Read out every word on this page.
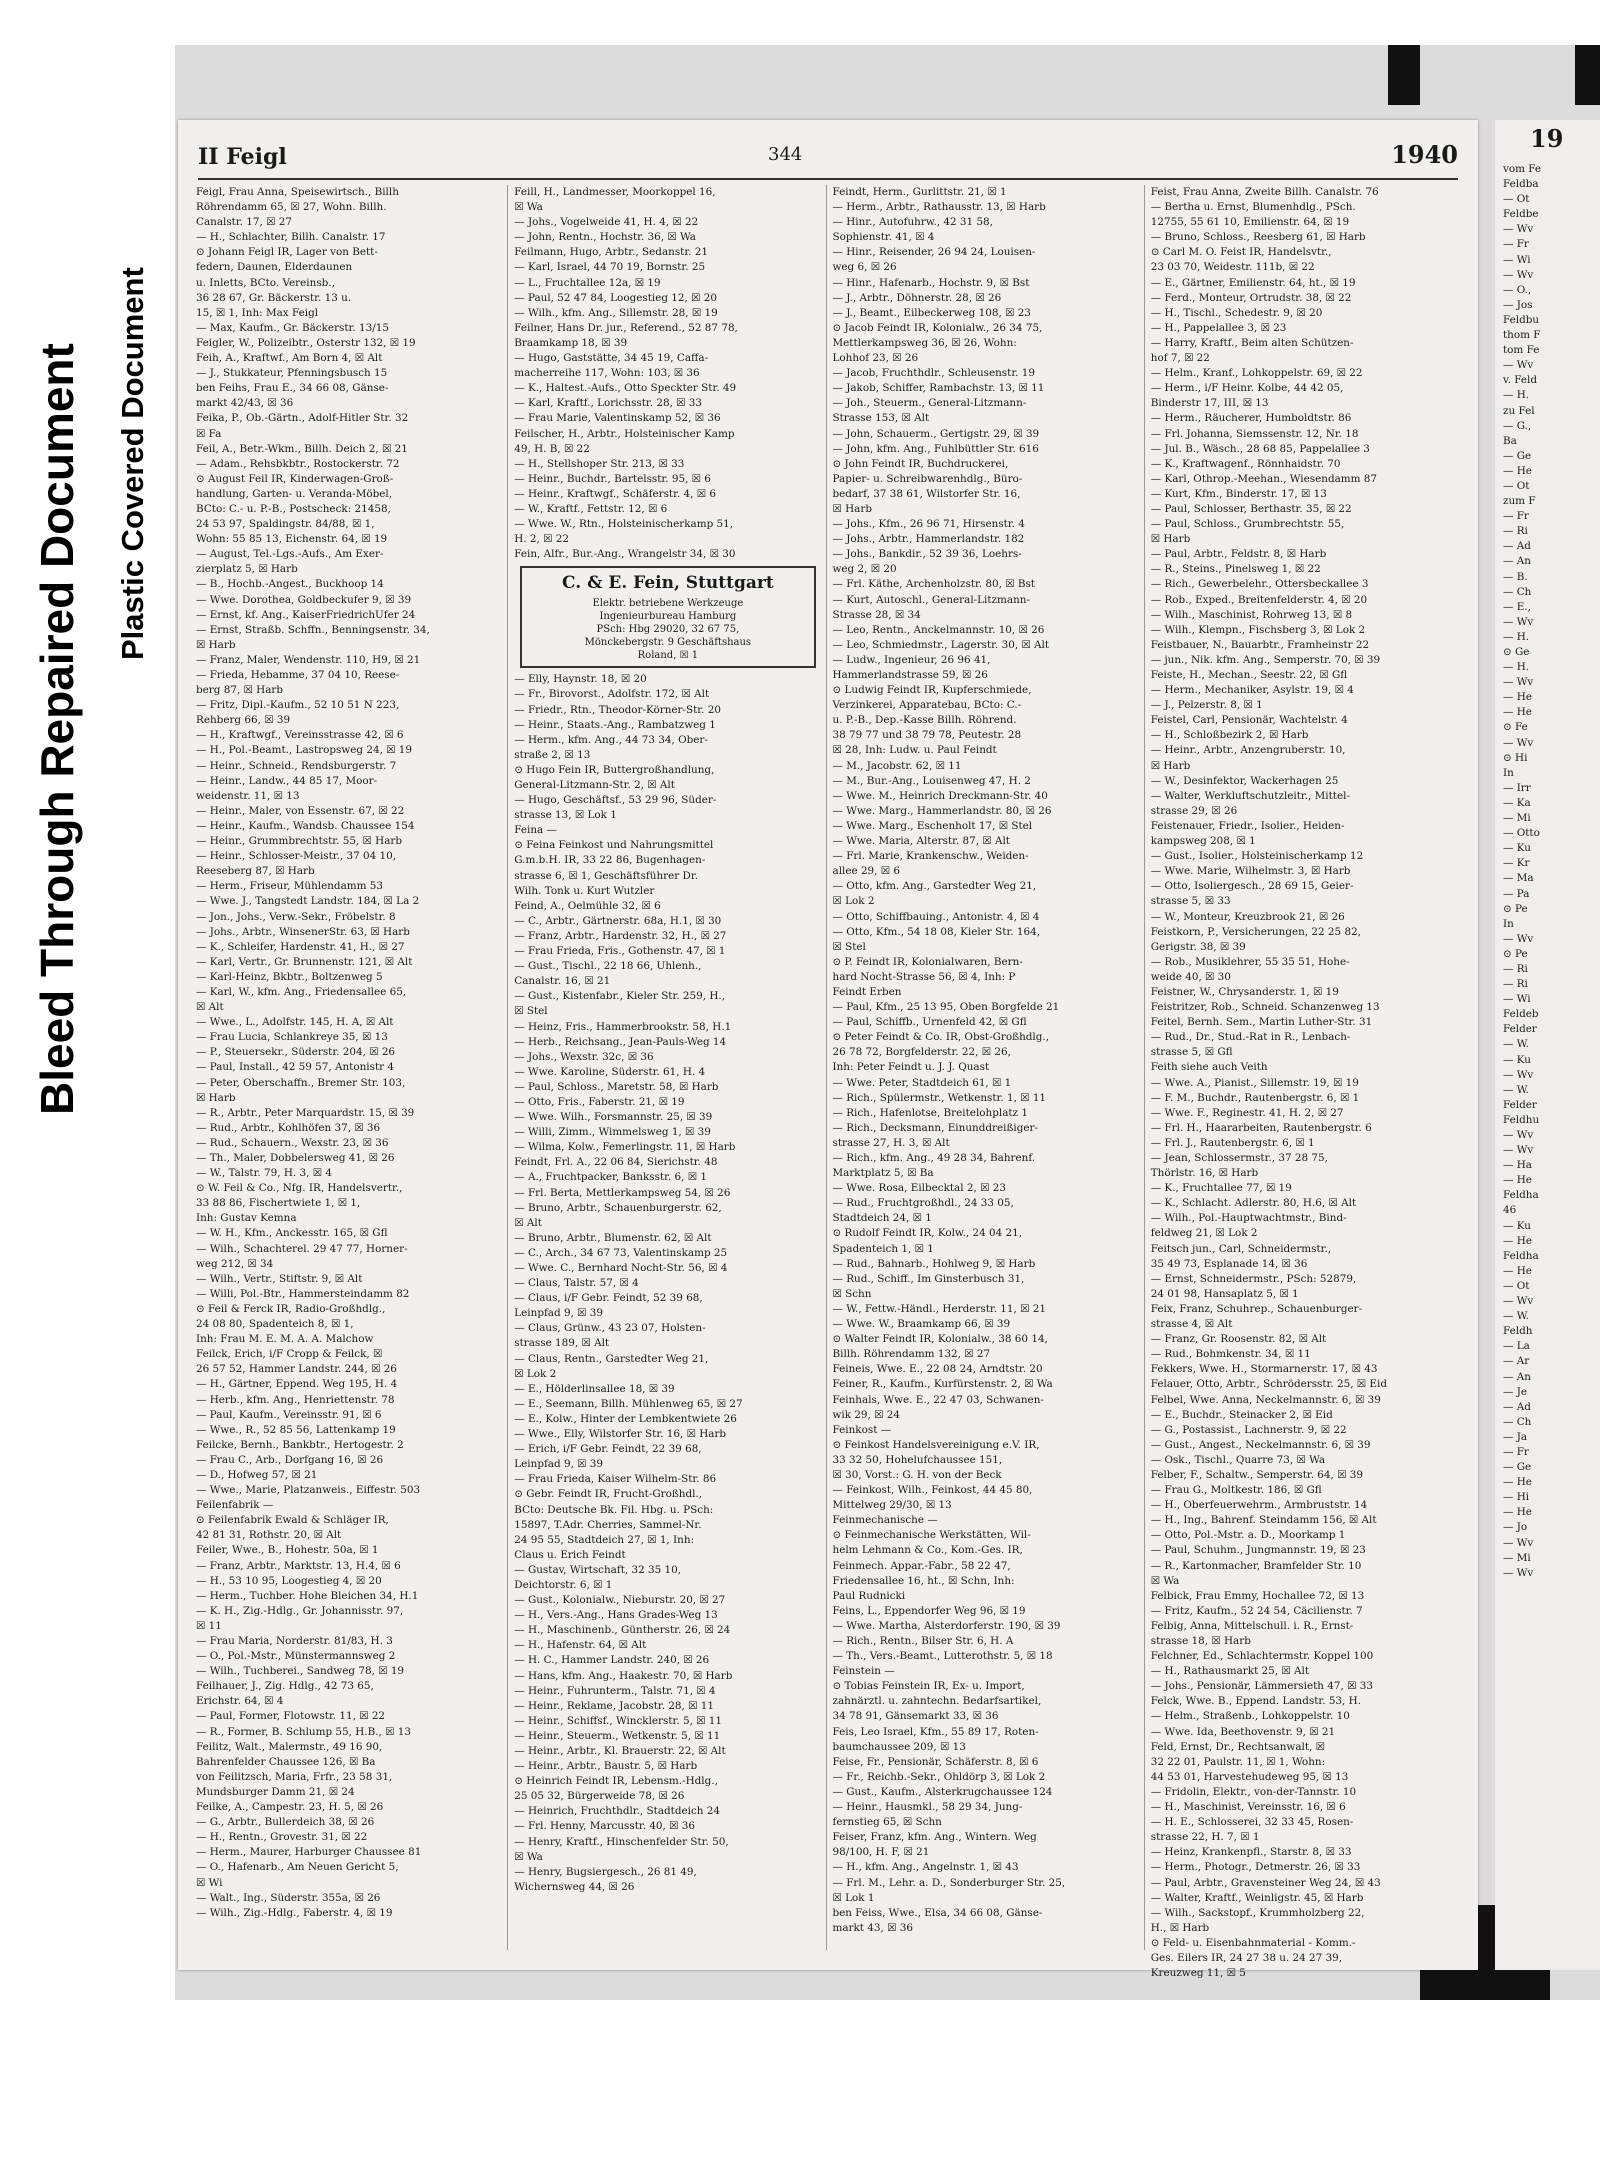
Bleed Through Repaired Document Plastic Covered Document
II Feigl	344	1940
Feigl, Frau Anna, Speisewirtsch., Billh
Röhrendamm 65, ☒ 27, Wohn. Billh.
Canalstr. 17, ☒ 27
— H., Schlachter, Billh. Canalstr. 17
⊙ Johann Feigl IR, Lager von Bett-
federn, Daunen, Elderdaunen
u. Inletts, BCto. Vereinsb.,
36 28 67, Gr. Bäckerstr. 13 u.
15, ☒ 1, Inh: Max Feigl
— Max, Kaufm., Gr. Bäckerstr. 13/15
Feigler, W., Polizeibtr., Osterstr 132, ☒ 19
Feih, A., Kraftwf., Am Born 4, ☒ Alt
— J., Stukkateur, Pfenningsbusch 15
ben Feihs, Frau E., 34 66 08, Gänse-
markt 42/43, ☒ 36
Feika, P., Ob.-Gärtn., Adolf-Hitler Str. 32
☒ Fa
Feil, A., Betr.-Wkm., Billh. Deich 2, ☒ 21
— Adam., Rehsbkbtr., Rostockerstr. 72
⊙ August Feil IR, Kinderwagen-Groß-
handlung, Garten- u. Veranda-Möbel,
BCto: C.- u. P.-B., Postscheck: 21458,
24 53 97, Spaldingstr. 84/88, ☒ 1,
Wohn: 55 85 13, Eichenstr. 64, ☒ 19
— August, Tel.-Lgs.-Aufs., Am Exer-
zierplatz 5, ☒ Harb
— B., Hochb.-Angest., Buckhoop 14
— Wwe. Dorothea, Goldbeckufer 9, ☒ 39
— Ernst, kf. Ang., KaiserFriedrichUfer 24
— Ernst, Straßb. Schffn., Benningsenstr. 34,
☒ Harb
— Franz, Maler, Wendenstr. 110, H9, ☒ 21
— Frieda, Hebamme, 37 04 10, Reese-
berg 87, ☒ Harb
— Fritz, Dipl.-Kaufm., 52 10 51 N 223,
Rehberg 66, ☒ 39
— H., Kraftwgf., Vereinsstrasse 42, ☒ 6
— H., Pol.-Beamt., Lastropsweg 24, ☒ 19
— Heinr., Schneid., Rendsburgerstr. 7
— Heinr., Landw., 44 85 17, Moor-
weidenstr. 11, ☒ 13
— Heinr., Maler, von Essenstr. 67, ☒ 22
— Heinr., Kaufm., Wandsb. Chaussee 154
— Heinr., Grummbrechtstr. 55, ☒ Harb
— Heinr., Schlosser-Meistr., 37 04 10,
Reeseberg 87, ☒ Harb
— Herm., Friseur, Mühlendamm 53
— Wwe. J., Tangstedt Landstr. 184, ☒ La 2
— Jon., Johs., Verw.-Sekr., Fröbelstr. 8
— Johs., Arbtr., WinsenerStr. 63, ☒ Harb
— K., Schleifer, Hardenstr. 41, H., ☒ 27
— Karl, Vertr., Gr. Brunnenstr. 121, ☒ Alt
— Karl-Heinz, Bkbtr., Boltzenweg 5
— Karl, W., kfm. Ang., Friedensallee 65,
☒ Alt
— Wwe., L., Adolfstr. 145, H. A, ☒ Alt
— Frau Lucia, Schlankreye 35, ☒ 13
— P., Steuersekr., Süderstr. 204, ☒ 26
— Paul, Install., 42 59 57, Antonistr 4
— Peter, Oberschaffn., Bremer Str. 103,
☒ Harb
— R., Arbtr., Peter Marquardstr. 15, ☒ 39
— Rud., Arbtr., Kohlhöfen 37, ☒ 36
— Rud., Schauern., Wexstr. 23, ☒ 36
— Th., Maler, Dobbelersweg 41, ☒ 26
— W., Talstr. 79, H. 3, ☒ 4
⊙ W. Feil & Co., Nfg. IR, Handelsvertr.,
33 88 86, Fischertwiete 1, ☒ 1,
Inh: Gustav Kemna
— W. H., Kfm., Anckesstr. 165, ☒ Gfl
— Wilh., Schachterel. 29 47 77, Horner-
weg 212, ☒ 34
— Wilh., Vertr., Stiftstr. 9, ☒ Alt
— Willi, Pol.-Btr., Hammersteindamm 82
⊙ Feil & Ferck IR, Radio-Großhdlg.,
24 08 80, Spadenteich 8, ☒ 1,
Inh: Frau M. E. M. A. A. Malchow
Feilck, Erich, i/F Cropp & Feilck, ☒
26 57 52, Hammer Landstr. 244, ☒ 26
— H., Gärtner, Eppend. Weg 195, H. 4
— Herb., kfm. Ang., Henriettenstr. 78
— Paul, Kaufm., Vereinsstr. 91, ☒ 6
— Wwe., R., 52 85 56, Lattenkamp 19
Feilcke, Bernh., Bankbtr., Hertogestr. 2
— Frau C., Arb., Dorfgang 16, ☒ 26
— D., Hofweg 57, ☒ 21
— Wwe., Marie, Platzanweis., Eiffestr. 503
Feilenfabrik —
⊙ Feilenfabrik Ewald & Schläger IR,
42 81 31, Rothstr. 20, ☒ Alt
Feiler, Wwe., B., Hohestr. 50a, ☒ 1
— Franz, Arbtr., Marktstr. 13, H.4, ☒ 6
— H., 53 10 95, Loogestieg 4, ☒ 20
— Herm., Tuchber. Hohe Bleichen 34, H.1
— K. H., Zig.-Hdlg., Gr. Johannisstr. 97,
☒ 11
— Frau Maria, Norderstr. 81/83, H. 3
— O., Pol.-Mstr., Münstermannsweg 2
— Wilh., Tuchberei., Sandweg 78, ☒ 19
Feilhauer, J., Zig. Hdlg., 42 73 65,
Erichstr. 64, ☒ 4
— Paul, Former, Flotowstr. 11, ☒ 22
— R., Former, B. Schlump 55, H.B., ☒ 13
Feilitz, Walt., Malermstr., 49 16 90,
Bahrenfelder Chaussee 126, ☒ Ba
von Feilitzsch, Maria, Frfr., 23 58 31,
Mundsburger Damm 21, ☒ 24
Feilke, A., Campestr. 23, H. 5, ☒ 26
— G., Arbtr., Bullerdeich 38, ☒ 26
— H., Rentn., Grovestr. 31, ☒ 22
— Herm., Maurer, Harburger Chaussee 81
— O., Hafenarb., Am Neuen Gericht 5,
☒ Wi
— Walt., Ing., Süderstr. 355a, ☒ 26
— Wilh., Zig.-Hdlg., Faberstr. 4, ☒ 19
Feill, H., Landmesser, Moorkoppel 16,
☒ Wa
— Johs., Vogelweide 41, H. 4, ☒ 22
— John, Rentn., Hochstr. 36, ☒ Wa
Feilmann, Hugo, Arbtr., Sedanstr. 21
— Karl, Israel, 44 70 19, Bornstr. 25
— L., Fruchtallee 12a, ☒ 19
— Paul, 52 47 84, Loogestieg 12, ☒ 20
— Wilh., kfm. Ang., Sillemstr. 28, ☒ 19
Feilner, Hans Dr. jur., Referend., 52 87 78,
Braamkamp 18, ☒ 39
— Hugo, Gaststätte, 34 45 19, Caffa-
macherreihe 117, Wohn: 103, ☒ 36
— K., Haltest.-Aufs., Otto Speckter Str. 49
— Karl, Kraftf., Lorichsstr. 28, ☒ 33
— Frau Marie, Valentinskamp 52, ☒ 36
Feilscher, H., Arbtr., Holsteinischer Kamp
49, H. B, ☒ 22
— H., Stellshoper Str. 213, ☒ 33
— Heinr., Buchdr., Bartelsstr. 95, ☒ 6
— Heinr., Kraftwgf., Schäferstr. 4, ☒ 6
— W., Kraftf., Fettstr. 12, ☒ 6
— Wwe. W., Rtn., Holsteinischerkamp 51,
H. 2, ☒ 22
Fein, Alfr., Bur.-Ang., Wrangelstr 34, ☒ 30
C. & E. Fein, Stuttgart
Elektr. betriebene Werkzeuge
Ingenieurbureau Hamburg
PSch: Hbg 29020, 32 67 75,
Mönckebergstr. 9 Geschäftshaus
Roland, ☒ 1
— Elly, Haynstr. 18, ☒ 20
— Fr., Birovorst., Adolfstr. 172, ☒ Alt
— Friedr., Rtn., Theodor-Körner-Str. 20
— Heinr., Staats.-Ang., Rambatzweg 1
— Herm., kfm. Ang., 44 73 34, Ober-
straße 2, ☒ 13
⊙ Hugo Fein IR, Buttergroßhandlung,
General-Litzmann-Str. 2, ☒ Alt
— Hugo, Geschäftsf., 53 29 96, Süder-
strasse 13, ☒ Lok 1
Feina —
⊙ Feina Feinkost und Nahrungsmittel
G.m.b.H. IR, 33 22 86, Bugenhagen-
strasse 6, ☒ 1, Geschäftsführer Dr.
Wilh. Tonk u. Kurt Wutzler
Feind, A., Oelmühle 32, ☒ 6
— C., Arbtr., Gärtnerstr. 68a, H.1, ☒ 30
— Franz, Arbtr., Hardenstr. 32, H., ☒ 27
— Frau Frieda, Fris., Gothenstr. 47, ☒ 1
— Gust., Tischl., 22 18 66, Uhlenh.,
Canalstr. 16, ☒ 21
— Gust., Kistenfabr., Kieler Str. 259, H.,
☒ Stel
— Heinz, Fris., Hammerbrookstr. 58, H.1
— Herb., Reichsang., Jean-Pauls-Weg 14
— Johs., Wexstr. 32c, ☒ 36
— Wwe. Karoline, Süderstr. 61, H. 4
— Paul, Schloss., Maretstr. 58, ☒ Harb
— Otto, Fris., Faberstr. 21, ☒ 19
— Wwe. Wilh., Forsmannstr. 25, ☒ 39
— Willi, Zimm., Wimmelsweg 1, ☒ 39
— Wilma, Kolw., Femerlingstr. 11, ☒ Harb
Feindt, Frl. A., 22 06 84, Sierichstr. 48
— A., Fruchtpacker, Banksstr. 6, ☒ 1
— Frl. Berta, Mettlerkampsweg 54, ☒ 26
— Bruno, Arbtr., Schauenburgerstr. 62,
☒ Alt
— Bruno, Arbtr., Blumenstr. 62, ☒ Alt
— C., Arch., 34 67 73, Valentinskamp 25
— Wwe. C., Bernhard Nocht-Str. 56, ☒ 4
— Claus, Talstr. 57, ☒ 4
— Claus, i/F Gebr. Feindt, 52 39 68,
Leinpfad 9, ☒ 39
— Claus, Grünw., 43 23 07, Holsten-
strasse 189, ☒ Alt
— Claus, Rentn., Garstedter Weg 21,
☒ Lok 2
— E., Hölderlinsallee 18, ☒ 39
— E., Seemann, Billh. Mühlenweg 65, ☒ 27
— E., Kolw., Hinter der Lembkentwiete 26
— Wwe., Elly, Wilstorfer Str. 16, ☒ Harb
— Erich, i/F Gebr. Feindt, 22 39 68,
Leinpfad 9, ☒ 39
— Frau Frieda, Kaiser Wilhelm-Str. 86
⊙ Gebr. Feindt IR, Frucht-Großhdl.,
BCto: Deutsche Bk. Fil. Hbg. u. PSch:
15897, T.Adr. Cherries, Sammel-Nr.
24 95 55, Stadtdeich 27, ☒ 1, Inh:
Claus u. Erich Feindt
— Gustav, Wirtschaft, 32 35 10,
Deichtorstr. 6, ☒ 1
— Gust., Kolonialw., Nieburstr. 20, ☒ 27
— H., Vers.-Ang., Hans Grades-Weg 13
— H., Maschinenb., Güntherstr. 26, ☒ 24
— H., Hafenstr. 64, ☒ Alt
— H. C., Hammer Landstr. 240, ☒ 26
— Hans, kfm. Ang., Haakestr. 70, ☒ Harb
— Heinr., Fuhrunterm., Talstr. 71, ☒ 4
— Heinr., Reklame, Jacobstr. 28, ☒ 11
— Heinr., Schiffsf., Wincklerstr. 5, ☒ 11
— Heinr., Steuerm., Wetkenstr. 5, ☒ 11
— Heinr., Arbtr., Kl. Brauerstr. 22, ☒ Alt
— Heinr., Arbtr., Baustr. 5, ☒ Harb
⊙ Heinrich Feindt IR, Lebensm.-Hdlg.,
25 05 32, Bürgerweide 78, ☒ 26
— Heinrich, Fruchthdlr., Stadtdeich 24
— Frl. Henny, Marcusstr. 40, ☒ 36
— Henry, Kraftf., Hinschenfelder Str. 50,
☒ Wa
— Henry, Bugsiergesch., 26 81 49,
Wichernsweg 44, ☒ 26
Feindt, Herm., Gurlittstr. 21, ☒ 1
— Herm., Arbtr., Rathausstr. 13, ☒ Harb
— Hinr., Autofuhrw., 42 31 58,
Sophienstr. 41, ☒ 4
— Hinr., Reisender, 26 94 24, Louisen-
weg 6, ☒ 26
— Hinr., Hafenarb., Hochstr. 9, ☒ Bst
— J., Arbtr., Döhnerstr. 28, ☒ 26
— J., Beamt., Eilbeckerweg 108, ☒ 23
⊙ Jacob Feindt IR, Kolonialw., 26 34 75,
Mettlerkampsweg 36, ☒ 26, Wohn:
Lohhof 23, ☒ 26
— Jacob, Fruchthdlr., Schleusenstr. 19
— Jakob, Schiffer, Rambachstr. 13, ☒ 11
— Joh., Steuerm., General-Litzmann-
Strasse 153, ☒ Alt
— John, Schauerm., Gertigstr. 29, ☒ 39
— John, kfm. Ang., Fuhlbüttler Str. 616
⊙ John Feindt IR, Buchdruckerei,
Papier- u. Schreibwarenhdlg., Büro-
bedarf, 37 38 61, Wilstorfer Str. 16,
☒ Harb
— Johs., Kfm., 26 96 71, Hirsenstr. 4
— Johs., Arbtr., Hammerlandstr. 182
— Johs., Bankdir., 52 39 36, Loehrs-
weg 2, ☒ 20
— Frl. Käthe, Archenholzstr. 80, ☒ Bst
— Kurt, Autoschl., General-Litzmann-
Strasse 28, ☒ 34
— Leo, Rentn., Anckelmannstr. 10, ☒ 26
— Leo, Schmiedmstr., Lagerstr. 30, ☒ Alt
— Ludw., Ingenieur, 26 96 41,
Hammerlandstrasse 59, ☒ 26
⊙ Ludwig Feindt IR, Kupferschmiede,
Verzinkerei, Apparatebau, BCto: C.-
u. P.-B., Dep.-Kasse Billh. Röhrend.
38 79 77 und 38 79 78, Peutestr. 28
☒ 28, Inh: Ludw. u. Paul Feindt
— M., Jacobstr. 62, ☒ 11
— M., Bur.-Ang., Louisenweg 47, H. 2
— Wwe. M., Heinrich Dreckmann-Str. 40
— Wwe. Marg., Hammerlandstr. 80, ☒ 26
— Wwe. Marg., Eschenholt 17, ☒ Stel
— Wwe. Maria, Alterstr. 87, ☒ Alt
— Frl. Marie, Krankenschw., Weiden-
allee 29, ☒ 6
— Otto, kfm. Ang., Garstedter Weg 21,
☒ Lok 2
— Otto, Schiffbauing., Antonistr. 4, ☒ 4
— Otto, Kfm., 54 18 08, Kieler Str. 164,
☒ Stel
⊙ P. Feindt IR, Kolonialwaren, Bern-
hard Nocht-Strasse 56, ☒ 4, Inh: P
Feindt Erben
— Paul, Kfm., 25 13 95, Oben Borgfelde 21
— Paul, Schiffb., Urnenfeld 42, ☒ Gfl
⊙ Peter Feindt & Co. IR, Obst-Großhdlg.,
26 78 72, Borgfelderstr. 22, ☒ 26,
Inh: Peter Feindt u. J. J. Quast
— Wwe. Peter, Stadtdeich 61, ☒ 1
— Rich., Spülermstr., Wetkenstr. 1, ☒ 11
— Rich., Hafenlotse, Breitelohplatz 1
— Rich., Decksmann, Einunddreißiger-
strasse 27, H. 3, ☒ Alt
— Rich., kfm. Ang., 49 28 34, Bahrenf.
Marktplatz 5, ☒ Ba
— Wwe. Rosa, Eilbecktal 2, ☒ 23
— Rud., Fruchtgroßhdl., 24 33 05,
Stadtdeich 24, ☒ 1
⊙ Rudolf Feindt IR, Kolw., 24 04 21,
Spadenteich 1, ☒ 1
— Rud., Bahnarb., Hohlweg 9, ☒ Harb
— Rud., Schiff., Im Ginsterbusch 31,
☒ Schn
— W., Fettw.-Händl., Herderstr. 11, ☒ 21
— Wwe. W., Braamkamp 66, ☒ 39
⊙ Walter Feindt IR, Kolonialw., 38 60 14,
Billh. Röhrendamm 132, ☒ 27
Feineis, Wwe. E., 22 08 24, Arndtstr. 20
Feiner, R., Kaufm., Kurfürstenstr. 2, ☒ Wa
Feinhals, Wwe. E., 22 47 03, Schwanen-
wik 29, ☒ 24
Feinkost —
⊙ Feinkost Handelsvereinigung e.V. IR,
33 32 50, Hohelufchaussee 151,
☒ 30, Vorst.: G. H. von der Beck
— Feinkost, Wilh., Feinkost, 44 45 80,
Mittelweg 29/30, ☒ 13
Feinmechanische —
⊙ Feinmechanische Werkstätten, Wil-
helm Lehmann & Co., Kom.-Ges. IR,
Feinmech. Appar.-Fabr., 58 22 47,
Friedensallee 16, ht., ☒ Schn, Inh:
Paul Rudnicki
Feins, L., Eppendorfer Weg 96, ☒ 19
— Wwe. Martha, Alsterdorferstr. 190, ☒ 39
— Rich., Rentn., Bilser Str. 6, H. A
— Th., Vers.-Beamt., Lutterothstr. 5, ☒ 18
Feinstein —
⊙ Tobias Feinstein IR, Ex- u. Import,
zahnärztl. u. zahntechn. Bedarfsartikel,
34 78 91, Gänsemarkt 33, ☒ 36
Feis, Leo Israel, Kfm., 55 89 17, Roten-
baumchaussee 209, ☒ 13
Feise, Fr., Pensionär, Schäferstr. 8, ☒ 6
— Fr., Reichb.-Sekr., Ohldörp 3, ☒ Lok 2
— Gust., Kaufm., Alsterkrugchaussee 124
— Heinr., Hausmkl., 58 29 34, Jung-
fernstieg 65, ☒ Schn
Feiser, Franz, kfm. Ang., Wintern. Weg
98/100, H. F, ☒ 21
— H., kfm. Ang., Angelnstr. 1, ☒ 43
— Frl. M., Lehr. a. D., Sonderburger Str. 25,
☒ Lok 1
ben Feiss, Wwe., Elsa, 34 66 08, Gänse-
markt 43, ☒ 36
Feist, Frau Anna, Zweite Billh. Canalstr. 76
— Bertha u. Ernst, Blumenhdlg., PSch.
12755, 55 61 10, Emilienstr. 64, ☒ 19
— Bruno, Schloss., Reesberg 61, ☒ Harb
⊙ Carl M. O. Feist IR, Handelsvtr.,
23 03 70, Weidestr. 111b, ☒ 22
— E., Gärtner, Emilienstr. 64, ht., ☒ 19
— Ferd., Monteur, Ortrudstr. 38, ☒ 22
— H., Tischl., Schedestr. 9, ☒ 20
— H., Pappelallee 3, ☒ 23
— Harry, Kraftf., Beim alten Schützen-
hof 7, ☒ 22
— Helm., Kranf., Lohkoppelstr. 69, ☒ 22
— Herm., i/F Heinr. Kolbe, 44 42 05,
Binderstr 17, III, ☒ 13
— Herm., Räucherer, Humboldtstr. 86
— Frl. Johanna, Siemssenstr. 12, Nr. 18
— Jul. B., Wäsch., 28 68 85, Pappelallee 3
— K., Kraftwagenf., Rönnhaidstr. 70
— Karl, Othrop.-Meehan., Wiesendamm 87
— Kurt, Kfm., Binderstr. 17, ☒ 13
— Paul, Schlosser, Berthastr. 35, ☒ 22
— Paul, Schloss., Grumbrechtstr. 55,
☒ Harb
— Paul, Arbtr., Feldstr. 8, ☒ Harb
— R., Steins., Pinelsweg 1, ☒ 22
— Rich., Gewerbelehr., Ottersbeckallee 3
— Rob., Exped., Breitenfelderstr. 4, ☒ 20
— Wilh., Maschinist, Rohrweg 13, ☒ 8
— Wilh., Klempn., Fischsberg 3, ☒ Lok 2
Feistbauer, N., Bauarbtr., Framheinstr 22
— jun., Nik. kfm. Ang., Semperstr. 70, ☒ 39
Feiste, H., Mechan., Seestr. 22, ☒ Gfl
— Herm., Mechaniker, Asylstr. 19, ☒ 4
— J., Pelzerstr. 8, ☒ 1
Feistel, Carl, Pensionär, Wachtelstr. 4
— H., Schloßbezirk 2, ☒ Harb
— Heinr., Arbtr., Anzengruberstr. 10,
☒ Harb
— W., Desinfektor, Wackerhagen 25
— Walter, Werkluftschutzleitr., Mittel-
strasse 29, ☒ 26
Feistenauer, Friedr., Isolier., Heiden-
kampsweg 208, ☒ 1
— Gust., Isolier., Holsteinischerkamp 12
— Wwe. Marie, Wilhelmstr. 3, ☒ Harb
— Otto, Isoliergesch., 28 69 15, Geier-
strasse 5, ☒ 33
— W., Monteur, Kreuzbrook 21, ☒ 26
Feistkorn, P., Versicherungen, 22 25 82,
Gerigstr. 38, ☒ 39
— Rob., Musiklehrer, 55 35 51, Hohe-
weide 40, ☒ 30
Feistner, W., Chrysanderstr. 1, ☒ 19
Feistritzer, Rob., Schneid. Schanzenweg 13
Feitel, Bernh. Sem., Martin Luther-Str. 31
— Rud., Dr., Stud.-Rat in R., Lenbach-
strasse 5, ☒ Gfl
Feith siehe auch Veith
— Wwe. A., Pianist., Sillemstr. 19, ☒ 19
— F. M., Buchdr., Rautenbergstr. 6, ☒ 1
— Wwe. F., Reginestr. 41, H. 2, ☒ 27
— Frl. H., Haararbeiten, Rautenbergstr. 6
— Frl. J., Rautenbergstr. 6, ☒ 1
— Jean, Schlossermstr., 37 28 75,
Thörlstr. 16, ☒ Harb
— K., Fruchtallee 77, ☒ 19
— K., Schlacht. Adlerstr. 80, H.6, ☒ Alt
— Wilh., Pol.-Hauptwachtmstr., Bind-
feldweg 21, ☒ Lok 2
Feitsch jun., Carl, Schneidermstr.,
35 49 73, Esplanade 14, ☒ 36
— Ernst, Schneidermstr., PSch: 52879,
24 01 98, Hansaplatz 5, ☒ 1
Feix, Franz, Schuhrep., Schauenburger-
strasse 4, ☒ Alt
— Franz, Gr. Roosenstr. 82, ☒ Alt
— Rud., Bohmkenstr. 34, ☒ 11
Fekkers, Wwe. H., Stormarnerstr. 17, ☒ 43
Felauer, Otto, Arbtr., Schrödersstr. 25, ☒ Eid
Felbel, Wwe. Anna, Neckelmannstr. 6, ☒ 39
— E., Buchdr., Steinacker 2, ☒ Eid
— G., Postassist., Lachnerstr. 9, ☒ 22
— Gust., Angest., Neckelmannstr. 6, ☒ 39
— Osk., Tischl., Quarre 73, ☒ Wa
Felber, F., Schaltw., Semperstr. 64, ☒ 39
— Frau G., Moltkestr. 186, ☒ Gfl
— H., Oberfeuerwehrm., Armbruststr. 14
— H., Ing., Bahrenf. Steindamm 156, ☒ Alt
— Otto, Pol.-Mstr. a. D., Moorkamp 1
— Paul, Schuhm., Jungmannstr. 19, ☒ 23
— R., Kartonmacher, Bramfelder Str. 10
☒ Wa
Felbick, Frau Emmy, Hochallee 72, ☒ 13
— Fritz, Kaufm., 52 24 54, Cäcilienstr. 7
Felbig, Anna, Mittelschull. i. R., Ernst-
strasse 18, ☒ Harb
Felchner, Ed., Schlachtermstr. Koppel 100
— H., Rathausmarkt 25, ☒ Alt
— Johs., Pensionär, Lämmersieth 47, ☒ 33
Felck, Wwe. B., Eppend. Landstr. 53, H.
— Helm., Straßenb., Lohkoppelstr. 10
— Wwe. Ida, Beethovenstr. 9, ☒ 21
Feld, Ernst, Dr., Rechtsanwalt, ☒
32 22 01, Paulstr. 11, ☒ 1, Wohn:
44 53 01, Harvestehudeweg 95, ☒ 13
— Fridolin, Elektr., von-der-Tannstr. 10
— H., Maschinist, Vereinsstr. 16, ☒ 6
— H. E., Schlosserei, 32 33 45, Rosen-
strasse 22, H. 7, ☒ 1
— Heinz, Krankenpfl., Starstr. 8, ☒ 33
— Herm., Photogr., Detmerstr. 26, ☒ 33
— Paul, Arbtr., Gravensteiner Weg 24, ☒ 43
— Walter, Kraftf., Weinligstr. 45, ☒ Harb
— Wilh., Sackstopf., Krummholzberg 22,
H., ☒ Harb
⊙ Feld- u. Eisenbahnmaterial - Komm.-
Ges. Eilers IR, 24 27 38 u. 24 27 39,
Kreuzweg 11, ☒ 5
19
vom Fe
Feldba
— Ot
Feldbe
— Wv
— Fr
— Wi
— Wv
— O.,
— Jos
Feldbu
thom F
tom Fe
— Wv
v. Feld
— H.
zu Fel
— G.,
Ba
— Ge
— He
— Ot
zum F
— Fr
— Ri
— Ad
— An
— B.
— Ch
— E.,
— Wv
— H.
⊙ Ge
— H.
— Wv
— He
— He
⊙ Fe
— Wv
⊙ Hi
In
— Irr
— Ka
— Mi
— Otto
— Ku
— Kr
— Ma
— Pa
⊙ Pe
In
— Wv
⊙ Pe
— Ri
— Ri
— Wi
Feldeb
Felder
— W.
— Ku
— Wv
— W.
Felder
Feldhu
— Wv
— Wv
— Ha
— He
Feldha
46
— Ku
— He
Feldha
— He
— Ot
— Wv
— W.
Feldh
— La
— Ar
— An
— Je
— Ad
— Ch
— Ja
— Fr
— Ge
— He
— Hi
— He
— Jo
— Wv
— Mi
— Wv
